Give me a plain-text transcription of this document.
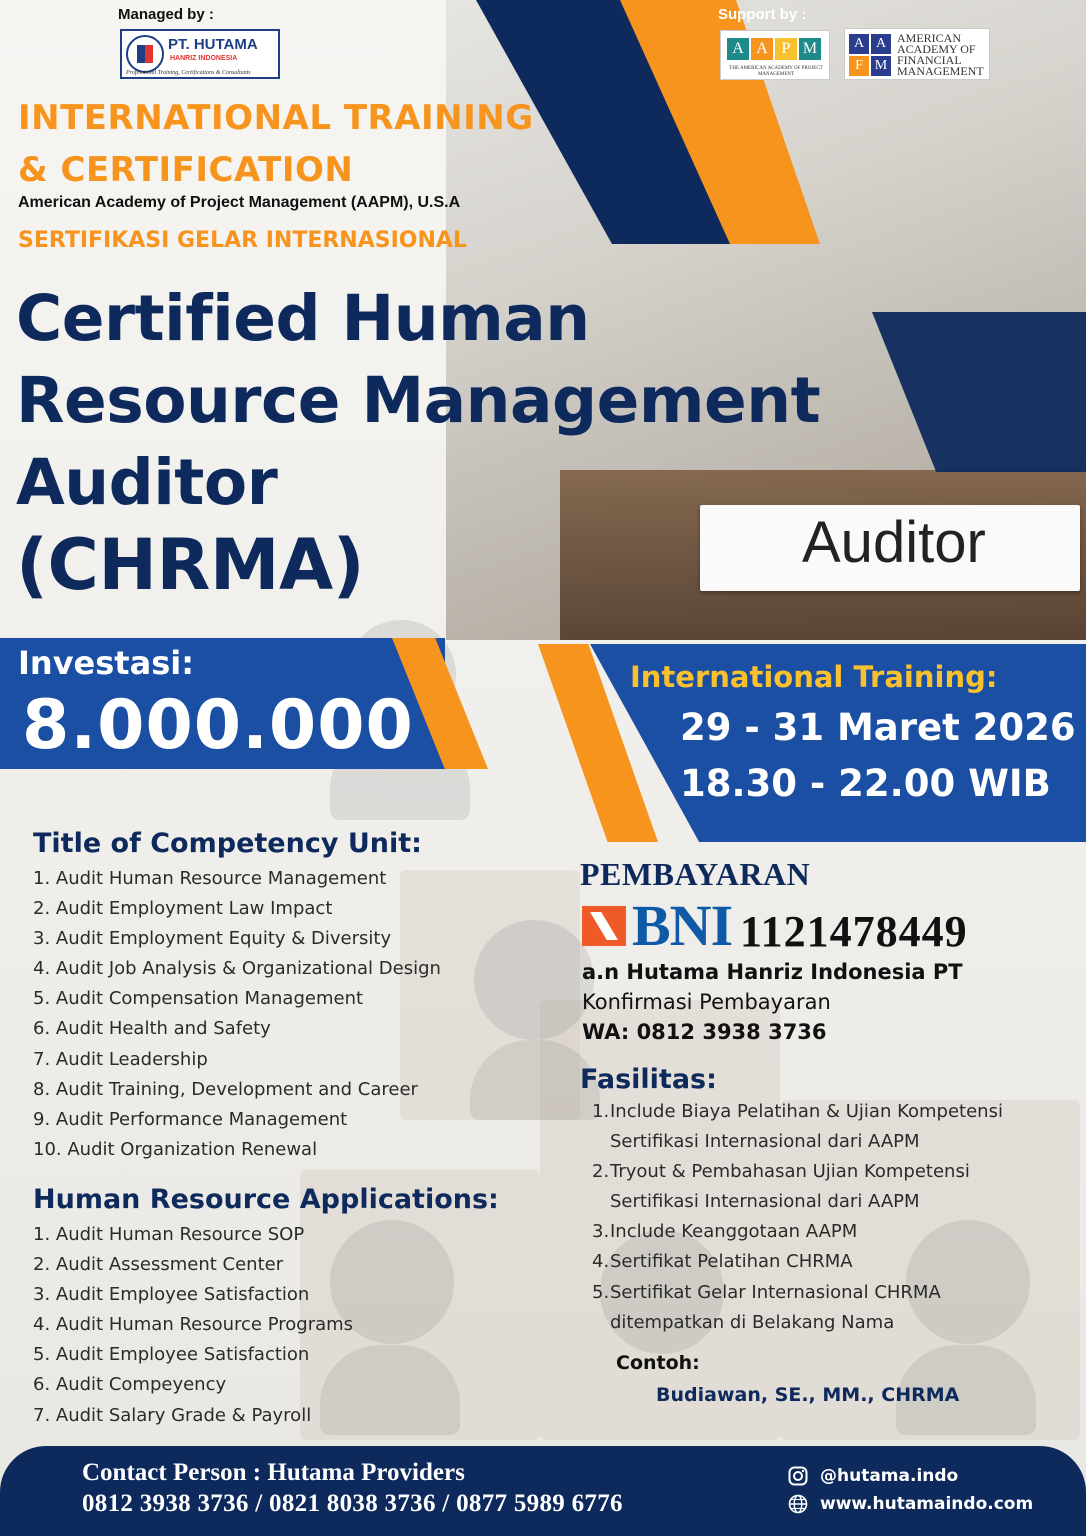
Managed by :
PT. HUTAMA
HANRIZ INDONESIA
Professional Training, Certifications & Consultants
Support by :
A A P M
THE AMERICAN ACADEMY OF PROJECT MANAGEMENT
A A
F M
AMERICAN
ACADEMY OF
FINANCIAL
MANAGEMENT
INTERNATIONAL TRAINING
& CERTIFICATION
American Academy of Project Management (AAPM), U.S.A
SERTIFIKASI GELAR INTERNASIONAL
Certified Human
Resource Management
Auditor
(CHRMA)	Auditor
Investasi:
8.000.000
International Training:
29 - 31 Maret 2026
18.30 - 22.00 WIB
Title of Competency Unit:
1. Audit Human Resource Management
2. Audit Employment Law Impact
3. Audit Employment Equity & Diversity
4. Audit Job Analysis & Organizational Design
5. Audit Compensation Management
6. Audit Health and Safety
7. Audit Leadership
8. Audit Training, Development and Career
9. Audit Performance Management
10. Audit Organization Renewal
Human Resource Applications:
1. Audit Human Resource SOP
2. Audit Assessment Center
3. Audit Employee Satisfaction
4. Audit Human Resource Programs
5. Audit Employee Satisfaction
6. Audit Compeyency
7. Audit Salary Grade & Payroll
PEMBAYARAN
BNI 1121478449
a.n Hutama Hanriz Indonesia PT
Konfirmasi Pembayaran
WA: 0812 3938 3736
Fasilitas:
1. Include Biaya Pelatihan & Ujian Kompetensi
Sertifikasi Internasional dari AAPM
2. Tryout & Pembahasan Ujian Kompetensi
Sertifikasi Internasional dari AAPM
3. Include Keanggotaan AAPM
4. Sertifikat Pelatihan CHRMA
5. Sertifikat Gelar Internasional CHRMA
ditempatkan di Belakang Nama
Contoh:
Budiawan, SE., MM., CHRMA
Contact Person : Hutama Providers
0812 3938 3736 / 0821 8038 3736 / 0877 5989 6776
@hutama.indo
www.hutamaindo.com
